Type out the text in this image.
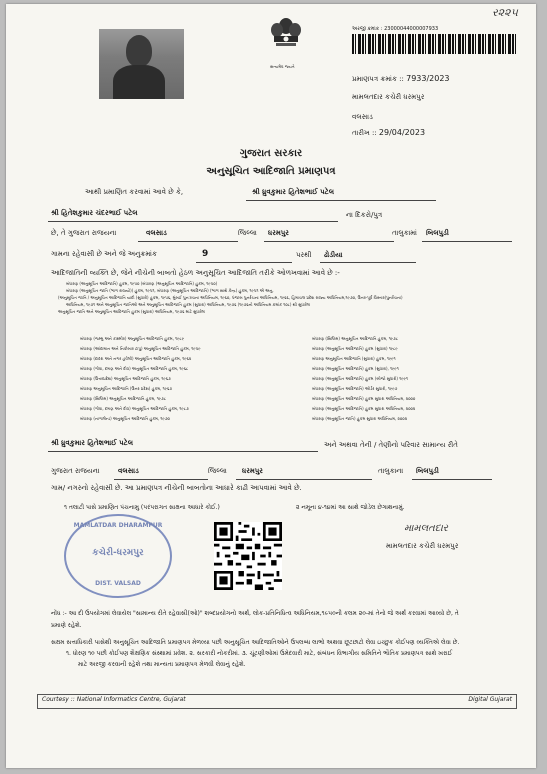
ર૨૨૫
સત્યમેવ જયતે
અરજી ક્રમાંક : 23000044000007933
પ્રમાણપત્ર ક્રમાંક :: 7933/2023
મામલતદાર કચેરી ધરમપુર
વલસાડ
તારીખ :: 29/04/2023
ગુજરાત સરકાર
અનુસૂચિત આદિજાતિ પ્રમાણપત્ર
આથી પ્રમાણિત કરવામાં આવે છે કે,	શ્રી ધ્રુવકુમાર હિતેશભાઈ પટેલ
શ્રી હિતેશકુમાર ચંદરભાઈ પટેલ	ના દિકરો/પુત્ર
છે, તે ગુજરાત રાજયના	વલસાડ	જિલ્લા ધરમપુર	તાલુકામાં બિલપુડી
ગામના રહેવાસી છે અને જે અનુક્રમાંક	9	પરથી ઢોડીયા
આદિજાતિની વ્યક્તિ છે, જેને નીચેની બાબતો હેઠળ અનુસૂચિત આદિજાતિ તરીકે ઓળખવામાં આવે છે :-
બંધારણ (અનુસૂચિત આદિજાતિ) હુકમ, ૧૯૫૦ (બંધારણ (અનુસૂચિત આદિજાતિ) હુકમ, ૧૯૫૦)
બંધારણ (અનુસૂચિત જાતિ (ભાગ રાજ્યો)) હુકમ, ૧૯૫૧, બંધારણ (અનુસૂચિત આદિજાતિ) (ભાગ સાથે કેન્દ્ર) હુકમ, ૧૯૫૧ એ અનુ.
(અનુસૂચિત જાતિ / અનુસૂચિત આદિજાતિ યાદી (સુધારો) હુકમ, ૧૯૫૬, મુંબઈ પુનઃરચના અધિનિયમ, ૧૯૬૦, પંજાબ પુનર્રચના અધિનિયમ, ૧૯૬૬, હિમાચલ પ્રદેશ રાજ્ય અધિનિયમ,૧૯૭૦, ઉત્તર-પૂર્વ વિસ્તાર(પુનર્રચના)
અધિનિયમ, ૧૯૭૧ અને અનુસૂચિત જાતિઓ અને અનુસૂચિત આદિજાતિ હુકમ (સુધારા) અધિનિયમ, ૧૯૭૬ (૧૯૭૬નો અધિનિયમ ક્રમાંક ૧૦૮) થી સુધારેલ
અનુસૂચિત જાતિ અને અનુસૂચિત આદિજાતિ હુકમ (સુધારા) અધિનિયમ, ૧૯૭૬ માટે સુધારેલ
બંધારણ (જમ્મુ અને કાશ્મીર) અનુસૂચિત આદિજાતિ હુકમ, ૧૯૮૯
બંધારણ (આંદામાન અને નિકોબાર ટાપુ) અનુસૂચિત આદિજાતિ હુકમ, ૧૯૫૯
બંધારણ (દાદરા અને નગર હવેલી) અનુસૂચિત આદિજાતિ હુકમ, ૧૯૬૨
બંધારણ (ગોવા, દમણ અને દીવ) અનુસૂચિત આદિજાતિ હુકમ, ૧૯૬૮
બંધારણ (ઉત્તરપ્રદેશ) અનુસૂચિત આદિજાતિ હુકમ, ૧૯૬૭
બંધારણ અનુસૂચિત આદિજાતિ (ઉત્તર પ્રદેશ) હુકમ, ૧૯૬૭
બંધારણ (સિક્કિમ) અનુસૂચિત આદિજાતિ હુકમ, ૧૯૭૮
બંધારણ (ગોવા, દમણ અને દીવ) અનુસૂચિત આદિજાતિ હુકમ, ૧૯૮૭
બંધારણ (નાગાલેન્ડ) અનુસૂચિત આદિજાતિ હુકમ, ૧૯૭૦
બંધારણ (સિક્કિમ) અનુસૂચિત આદિજાતિ હુકમ, ૧૯૭૮
બંધારણ (અનુસૂચિત આદિજાતિ) હુકમ (સુધારા) ૧૯૮૯
બંધારણ અનુસૂચિત આદિજાતિ (સુધારા) હુકમ, ૧૯૯૧
બંધારણ (અનુસૂચિત આદિજાતિ) હુકમ (સુધારા), ૧૯૯૧
બંધારણ (અનુસૂચિત આદિજાતિ) હુકમ (બીજો સુધારો) ૧૯૯૧
બંધારણ (અનુસૂચિત આદિજાતિ) ઓર્ડર સુધારો, ૧૯૯૭
બંધારણ (અનુસૂચિત આદિજાતિ) હુકમ સુધારા અધિનિયમ, ૨૦૦૦
બંધારણ (અનુસૂચિત આદિજાતિ) હુકમ સુધારા અધિનિયમ, ૨૦૦૨
બંધારણ (અનુસૂચિત જાતિ) હુકમ સુધારા અધિનિયમ, ૨૦૦૨
શ્રી ધ્રુવકુમાર હિતેશભાઈ પટેલ	અને અથવા તેની / તેણીનો પરિવાર સામાન્ય રીતે
ગુજરાત રાજયના	વલસાડ	જિલ્લા ધરમપુર	તાલુકાના બિલપુડી
ગામ/ નગરનો રહેવાસી છે. આ પ્રમાણપત્ર નીચેની બાબતોના આધારે કાઢી આપવામાં આવે છે.
૧ તલાટી પાસે પ્રમાણિત પંચનામુ (પરંપરાગત સાક્ષના આધારે કોઈ.)	૨ નમૂના ૪-૧૪માં આ સાથે જોડેલ છેગાથનામું.
MAMLATDAR DHARAMPUR
કચેરી-ધરમપુર
DIST. VALSAD
મામલતદાર
મામલતદાર કચેરી ધરમપુર
નોંધ :- આ દી ઉપયોગમાં લેવાયેલ "સામાન્ય રીતે રહેવાસી(ઓ)" શબ્દપ્રયોગનો અર્થ, લોક-પ્રતિનિધિત્વ અધિનિયમ,૧૯૫૦ની કલમ ૨૦-માં તેનો જે અર્થ કરવામાં આવ્યો છે, તે
પ્રમાણે રહેશે.
સક્ષમ સત્તાધિકારી પાસેથી અનુસૂચિત આદિજાતિ પ્રમાણપત્ર મેળવ્યા પછી અનુસૂચિત આદિજાતિઓને ઉપલબ્ધ લાભો અથવા છૂટછાટો લેવા ઇચ્છુક કોઈપણ વ્યક્તિએ લેવા છે.
૧. ધોરણ ૧૦ પછી કોઈપણ શૈક્ષણિક સંસ્થામાં પ્રવેશ. ૨. સરકારી નોકરીમાં. ૩. ચૂંટણીઓમાં ઉમેદવારી માટે, સંબંધન વિભાગીય સમિતિને ભૌતિક પ્રમાણપત્ર સાથે ખરાઈ
માટે અરજી કરવાની રહેશે તથા માન્યતા પ્રમાણપત્ર મેળવી લેવાનું રહેશે.
Courtesy :: National Informatics Centre, Gujarat	Digital Gujarat
